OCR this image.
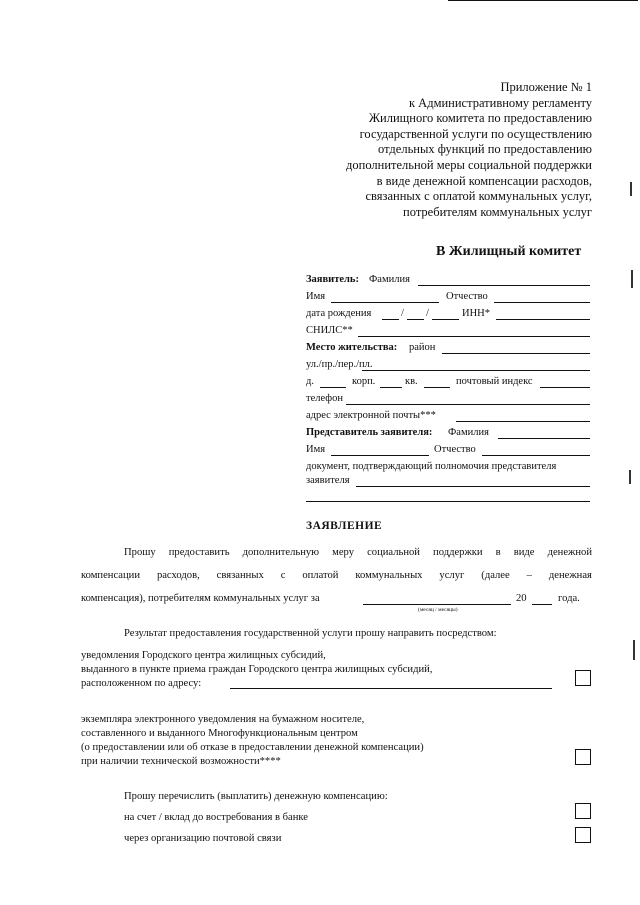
Приложение № 1
к Административному регламенту
Жилищного комитета по предоставлению
государственной услуги по осуществлению
отдельных функций по предоставлению
дополнительной меры социальной поддержки
в виде денежной компенсации расходов,
связанных с оплатой коммунальных услуг,
потребителям коммунальных услуг
В Жилищный комитет
Заявитель: Фамилия
Имя	Отчество
дата рождения	/ /	ИНН*
СНИЛС**
Место жительства: район
ул./пр./пер./пл.
д.	корп.	кв.	почтовый индекс
телефон
адрес электронной почты***
Представитель заявителя: Фамилия
Имя	Отчество
документ, подтверждающий полномочия представителя
заявителя
ЗАЯВЛЕНИЕ
Прошу предоставить дополнительную меру социальной поддержки в виде денежной
компенсации расходов, связанных с оплатой коммунальных услуг (далее – денежная
компенсация), потребителям коммунальных услуг за	20	года.
(месяц / месяцы)
Результат предоставления государственной услуги прошу направить посредством:
уведомления Городского центра жилищных субсидий,
выданного в пункте приема граждан Городского центра жилищных субсидий,
расположенном по адресу:
экземпляра электронного уведомления на бумажном носителе,
составленного и выданного Многофункциональным центром
(о предоставлении или об отказе в предоставлении денежной компенсации)
при наличии технической возможности****
Прошу перечислить (выплатить) денежную компенсацию:
на счет / вклад до востребования в банке
через организацию почтовой связи
